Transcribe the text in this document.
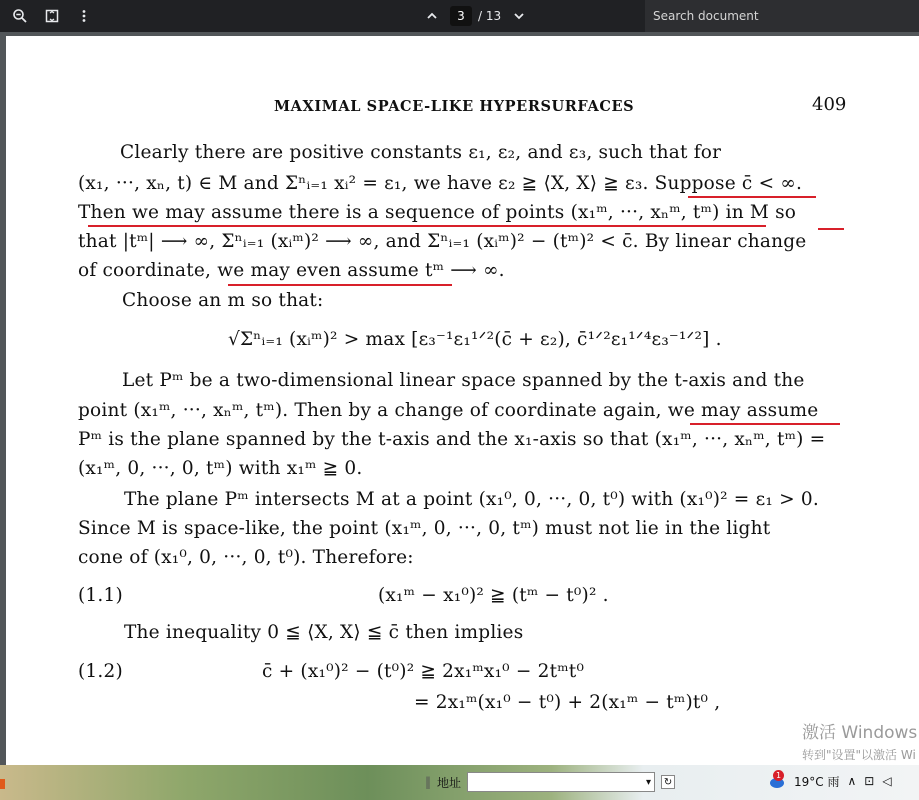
3	/ 13	Search document
MAXIMAL SPACE-LIKE HYPERSURFACES	409
Clearly there are positive constants ε₁, ε₂, and ε₃, such that for
(x₁, ···, xₙ, t) ∈ M and Σⁿᵢ₌₁ xᵢ² = ε₁, we have ε₂ ≧ ⟨X, X⟩ ≧ ε₃. Suppose c̄ < ∞.
Then we may assume there is a sequence of points (x₁ᵐ, ···, xₙᵐ, tᵐ) in M so
that |tᵐ| ⟶ ∞, Σⁿᵢ₌₁ (xᵢᵐ)² ⟶ ∞, and Σⁿᵢ₌₁ (xᵢᵐ)² − (tᵐ)² < c̄. By linear change
of coordinate, we may even assume tᵐ ⟶ ∞.
Choose an m so that:
√Σⁿᵢ₌₁ (xᵢᵐ)² > max [ε₃⁻¹ε₁¹ᐟ²(c̄ + ε₂), c̄¹ᐟ²ε₁¹ᐟ⁴ε₃⁻¹ᐟ²] .
Let Pᵐ be a two-dimensional linear space spanned by the t-axis and the
point (x₁ᵐ, ···, xₙᵐ, tᵐ). Then by a change of coordinate again, we may assume
Pᵐ is the plane spanned by the t-axis and the x₁-axis so that (x₁ᵐ, ···, xₙᵐ, tᵐ) =
(x₁ᵐ, 0, ···, 0, tᵐ) with x₁ᵐ ≧ 0.
The plane Pᵐ intersects M at a point (x₁⁰, 0, ···, 0, t⁰) with (x₁⁰)² = ε₁ > 0.
Since M is space-like, the point (x₁ᵐ, 0, ···, 0, tᵐ) must not lie in the light
cone of (x₁⁰, 0, ···, 0, t⁰). Therefore:
(1.1)	(x₁ᵐ − x₁⁰)² ≧ (tᵐ − t⁰)² .
The inequality 0 ≦ ⟨X, X⟩ ≦ c̄ then implies
(1.2)	c̄ + (x₁⁰)² − (t⁰)² ≧ 2x₁ᵐx₁⁰ − 2tᵐt⁰
= 2x₁ᵐ(x₁⁰ − t⁰) + 2(x₁ᵐ − tᵐ)t⁰ ,
激活 Windows
转到"设置"以激活 Wi
‖ 地址	▾ ↻
1 19°C 雨 ∧ ⊡ ◁
